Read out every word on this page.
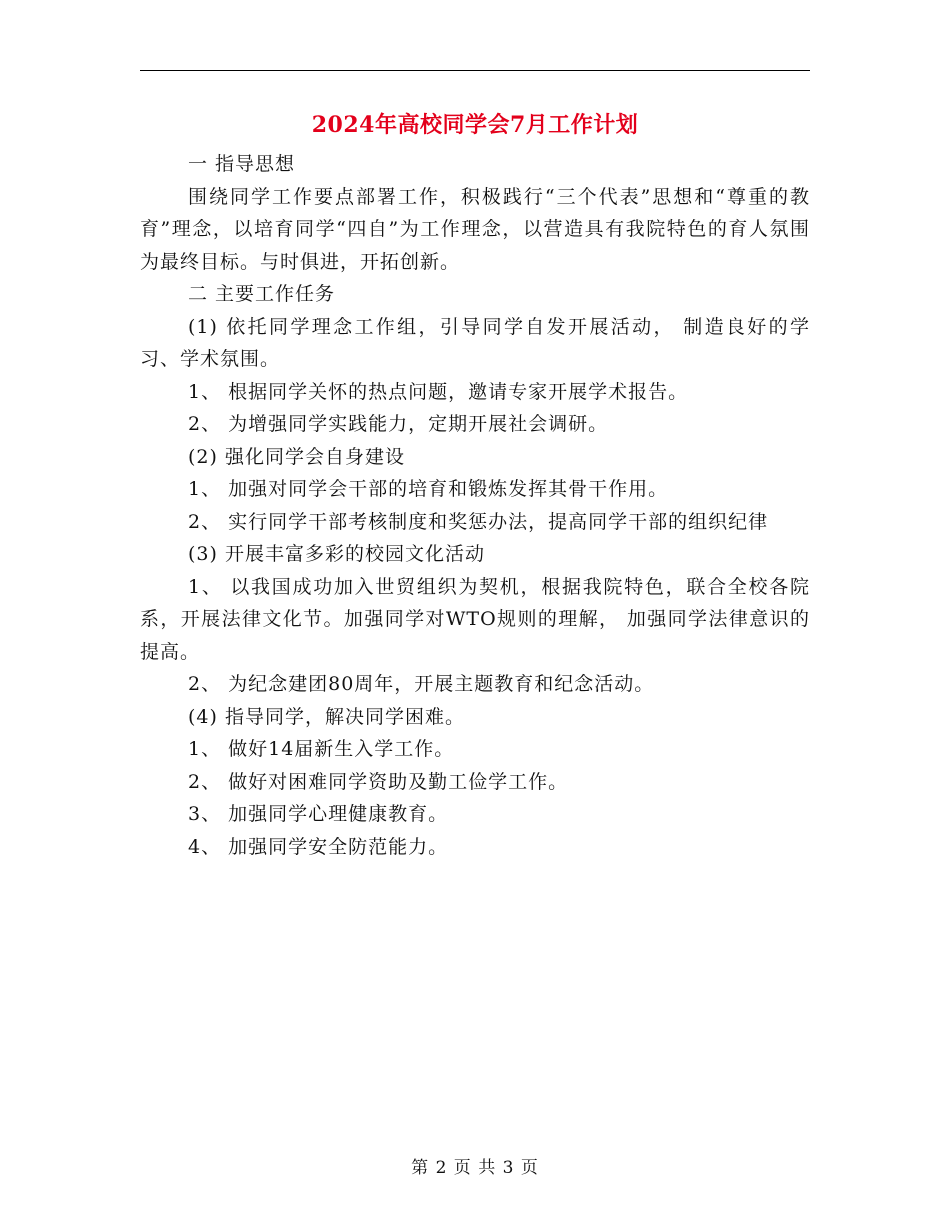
2024年高校同学会7月工作计划

一 指导思想

围绕同学工作要点部署工作，积极践行“三个代表”思想和“尊重的教育”理念，以培育同学“四自”为工作理念，以营造具有我院特色的育人氛围为最终目标。与时俱进，开拓创新。

二 主要工作任务

(1) 依托同学理念工作组，引导同学自发开展活动， 制造良好的学习、学术氛围。

1、 根据同学关怀的热点问题，邀请专家开展学术报告。

2、 为增强同学实践能力，定期开展社会调研。

(2) 强化同学会自身建设

1、 加强对同学会干部的培育和锻炼发挥其骨干作用。

2、 实行同学干部考核制度和奖惩办法，提高同学干部的组织纪律

(3) 开展丰富多彩的校园文化活动

1、 以我国成功加入世贸组织为契机，根据我院特色，联合全校各院系，开展法律文化节。加强同学对WTO规则的理解， 加强同学法律意识的提高。

2、 为纪念建团80周年，开展主题教育和纪念活动。

(4) 指导同学，解决同学困难。

1、 做好14届新生入学工作。

2、 做好对困难同学资助及勤工俭学工作。

3、 加强同学心理健康教育。

4、 加强同学安全防范能力。

第 2 页 共 3 页
